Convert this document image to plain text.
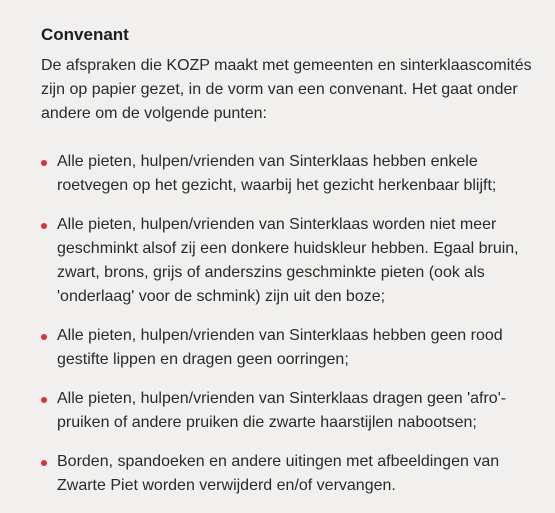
Convenant

De afspraken die KOZP maakt met gemeenten en sinterklaascomités zijn op papier gezet, in de vorm van een convenant. Het gaat onder andere om de volgende punten:

Alle pieten, hulpen/vrienden van Sinterklaas hebben enkele roetvegen op het gezicht, waarbij het gezicht herkenbaar blijft;
Alle pieten, hulpen/vrienden van Sinterklaas worden niet meer geschminkt alsof zij een donkere huidskleur hebben. Egaal bruin, zwart, brons, grijs of anderszins geschminkte pieten (ook als 'onderlaag' voor de schmink) zijn uit den boze;
Alle pieten, hulpen/vrienden van Sinterklaas hebben geen rood gestifte lippen en dragen geen oorringen;
Alle pieten, hulpen/vrienden van Sinterklaas dragen geen 'afro'-pruiken of andere pruiken die zwarte haarstijlen nabootsen;
Borden, spandoeken en andere uitingen met afbeeldingen van Zwarte Piet worden verwijderd en/of vervangen.
